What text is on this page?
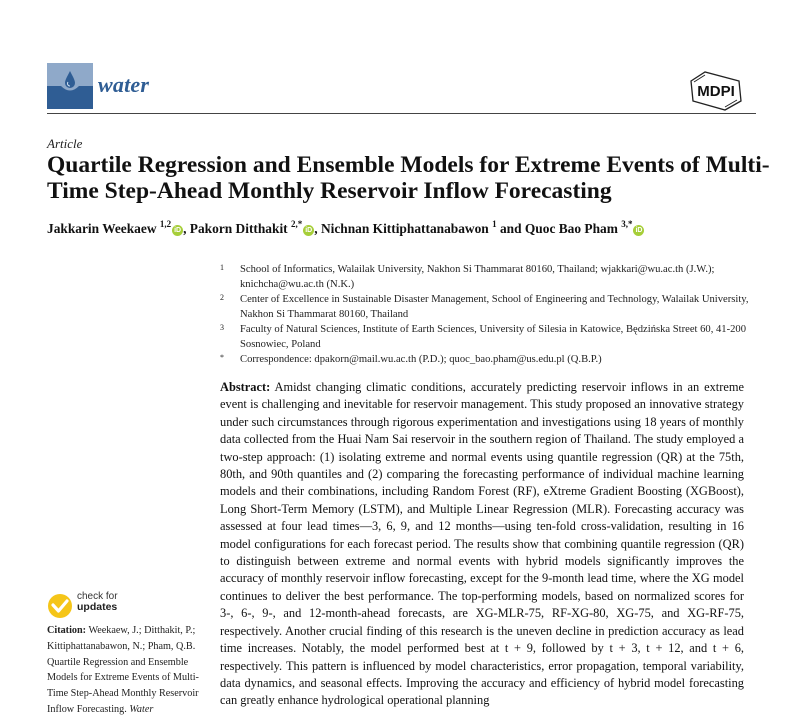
water	MDPI
Article
Quartile Regression and Ensemble Models for Extreme Events of Multi-Time Step-Ahead Monthly Reservoir Inflow Forecasting
Jakkarin Weekaew $^{1,2}$iD , Pakorn Ditthakit $^{2,*}$iD , Nichnan Kittiphattanabawon $^1$ and Quoc Bao Pham $^{3,*}$iD
1 School of Informatics, Walailak University, Nakhon Si Thammarat 80160, Thailand; wjakkari@wu.ac.th (J.W.); knichcha@wu.ac.th (N.K.)
2 Center of Excellence in Sustainable Disaster Management, School of Engineering and Technology, Walailak University, Nakhon Si Thammarat 80160, Thailand
3 Faculty of Natural Sciences, Institute of Earth Sciences, University of Silesia in Katowice, Będzińska Street 60, 41-200 Sosnowiec, Poland
* Correspondence: dpakorn@mail.wu.ac.th (P.D.); quoc_bao.pham@us.edu.pl (Q.B.P.)
Abstract: Amidst changing climatic conditions, accurately predicting reservoir inflows in an extreme event is challenging and inevitable for reservoir management. This study proposed an innovative strategy under such circumstances through rigorous experimentation and investigations using 18 years of monthly data collected from the Huai Nam Sai reservoir in the southern region of Thailand. The study employed a two-step approach: (1) isolating extreme and normal events using quantile regression (QR) at the 75th, 80th, and 90th quantiles and (2) comparing the forecasting performance of individual machine learning models and their combinations, including Random Forest (RF), eXtreme Gradient Boosting (XGBoost), Long Short-Term Memory (LSTM), and Multiple Linear Regression (MLR). Forecasting accuracy was assessed at four lead times—3, 6, 9, and 12 months—using ten-fold cross-validation, resulting in 16 model configurations for each forecast period. The results show that combining quantile regression (QR) to distinguish between extreme and normal events with hybrid models significantly improves the accuracy of monthly reservoir inflow forecasting, except for the 9-month lead time, where the XG model continues to deliver the best performance. The top-performing models, based on normalized scores for 3-, 6-, 9-, and 12-month-ahead forecasts, are XG-MLR-75, RF-XG-80, XG-75, and XG-RF-75, respectively. Another crucial finding of this research is the uneven decline in prediction accuracy as lead time increases. Notably, the model performed best at t + 9, followed by t + 3, t + 12, and t + 6, respectively. This pattern is influenced by model characteristics, error propagation, temporal variability, data dynamics, and seasonal effects. Improving the accuracy and efficiency of hybrid model forecasting can greatly enhance hydrological operational planning
check for
updates
Citation: Weekaew, J.; Ditthakit, P.; Kittiphattanabawon, N.; Pham, Q.B. Quartile Regression and Ensemble Models for Extreme Events of Multi-Time Step-Ahead Monthly Reservoir Inflow Forecasting. Water
